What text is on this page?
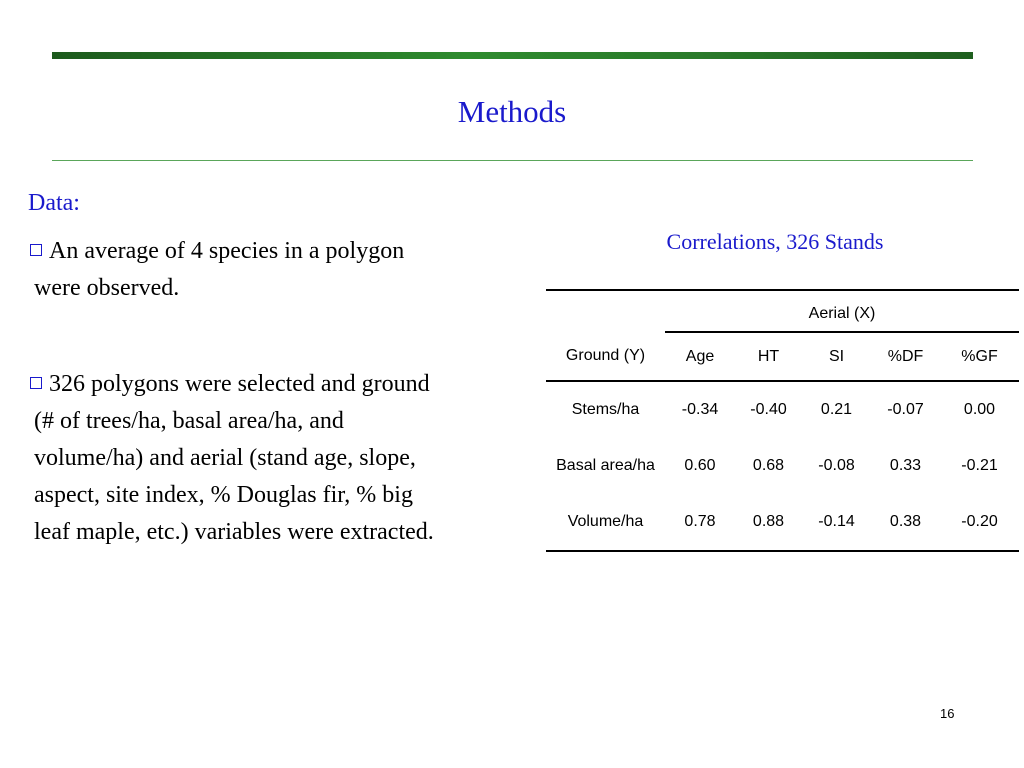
Methods
Data:
An average of 4 species in a polygon
were observed.
326 polygons were selected and ground
(# of trees/ha, basal area/ha, and
volume/ha) and aerial (stand age, slope,
aspect, site index, % Douglas fir, % big
leaf maple, etc.) variables were extracted.
Correlations, 326 Stands

	Aerial (X)				
Ground (Y)	Age	HT	SI	%DF	%GF
Stems/ha	-0.34	-0.40	0.21	-0.07	0.00
Basal area/ha	0.60	0.68	-0.08	0.33	-0.21
Volume/ha	0.78	0.88	-0.14	0.38	-0.20
16
